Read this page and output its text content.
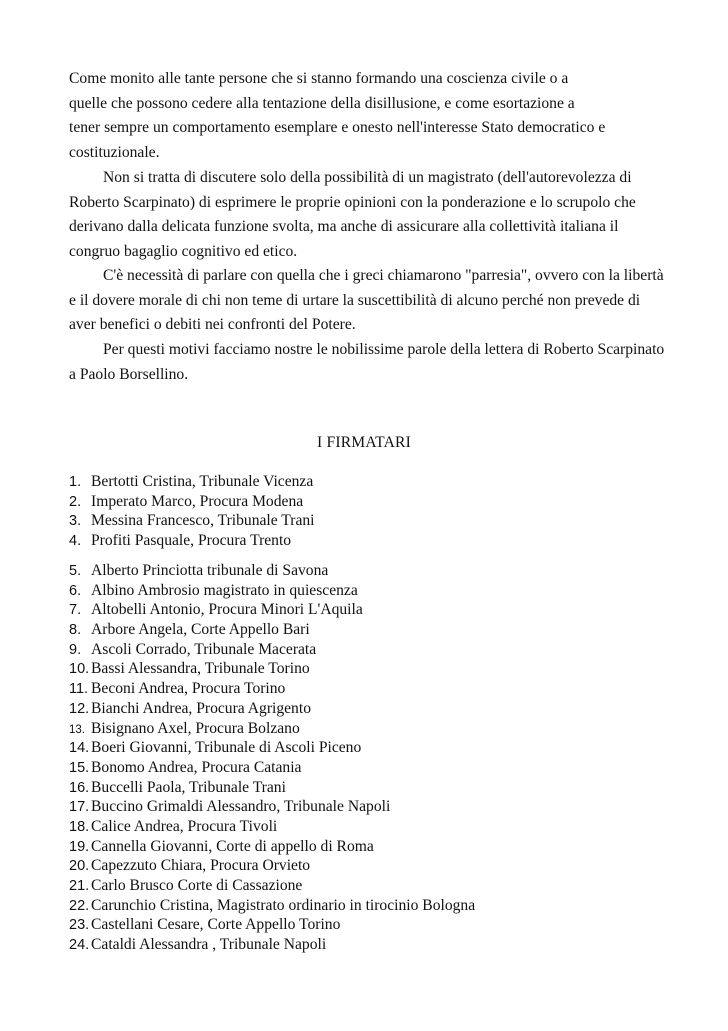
Come monito alle tante persone che si stanno formando una coscienza civile o a
quelle che possono cedere alla tentazione della disillusione, e come esortazione a
tener sempre un comportamento esemplare e onesto nell'interesse Stato democratico e
costituzionale.

Non si tratta di discutere solo della possibilità di un magistrato (dell'autorevolezza di Roberto Scarpinato) di esprimere le proprie opinioni con la ponderazione e lo scrupolo che derivano dalla delicata funzione svolta, ma anche di assicurare alla collettività italiana il congruo bagaglio cognitivo ed etico.

C'è necessità di parlare con quella che i greci chiamarono "parresia", ovvero con la libertà e il dovere morale di chi non teme di urtare la suscettibilità di alcuno perché non prevede di aver benefici o debiti nei confronti del Potere.

Per questi motivi facciamo nostre le nobilissime parole della lettera di Roberto Scarpinato a Paolo Borsellino.

I FIRMATARI
1. Bertotti Cristina, Tribunale Vicenza
2. Imperato Marco, Procura Modena
3. Messina Francesco, Tribunale Trani
4. Profiti Pasquale, Procura Trento
5. Alberto Princiotta tribunale di Savona
6. Albino Ambrosio magistrato in quiescenza
7. Altobelli Antonio, Procura Minori L'Aquila
8. Arbore Angela, Corte Appello Bari
9. Ascoli Corrado, Tribunale Macerata
10. Bassi Alessandra, Tribunale Torino
11. Beconi Andrea, Procura Torino
12. Bianchi Andrea, Procura Agrigento
13. Bisignano Axel, Procura Bolzano
14. Boeri Giovanni, Tribunale di Ascoli Piceno
15. Bonomo Andrea, Procura Catania
16. Buccelli Paola, Tribunale Trani
17. Buccino Grimaldi Alessandro, Tribunale Napoli
18. Calice Andrea, Procura Tivoli
19. Cannella Giovanni, Corte di appello di Roma
20. Capezzuto Chiara, Procura Orvieto
21. Carlo Brusco Corte di Cassazione
22. Carunchio Cristina, Magistrato ordinario in tirocinio Bologna
23. Castellani Cesare, Corte Appello Torino
24. Cataldi Alessandra , Tribunale Napoli
